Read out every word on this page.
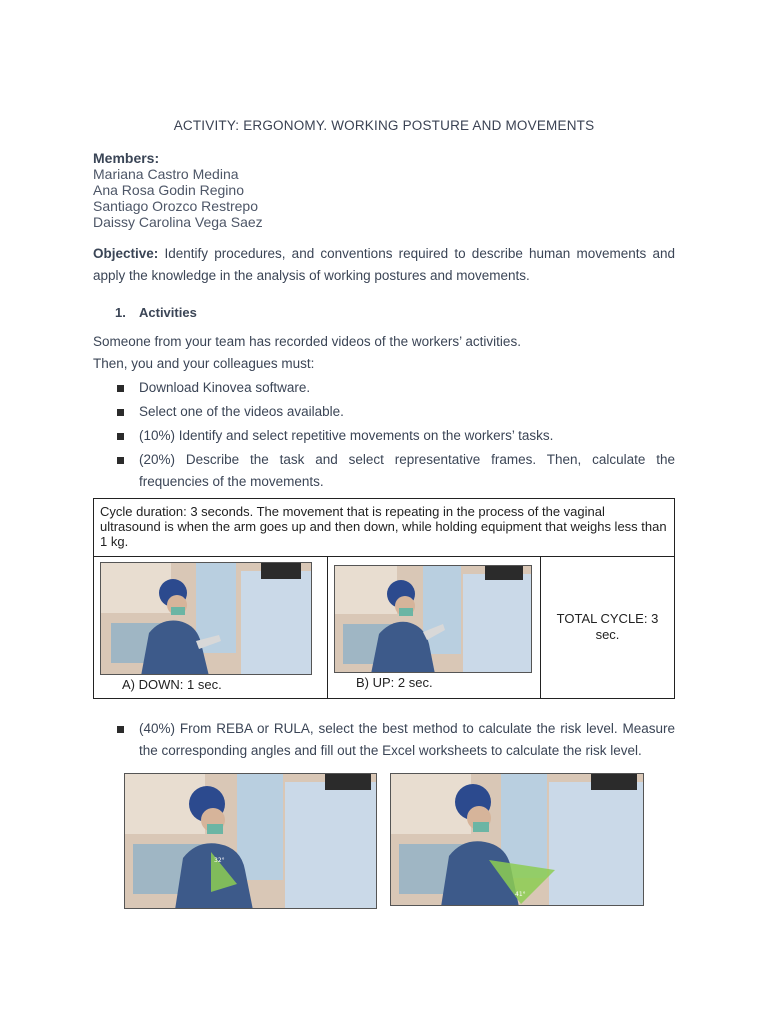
ACTIVITY: ERGONOMY. WORKING POSTURE AND MOVEMENTS
Members:
Mariana Castro Medina
Ana Rosa Godin Regino
Santiago Orozco Restrepo
Daissy Carolina Vega Saez
Objective: Identify procedures, and conventions required to describe human movements and
apply the knowledge in the analysis of working postures and movements.
1. Activities
Someone from your team has recorded videos of the workers’ activities.
Then, you and your colleagues must:
Download Kinovea software.
Select one of the videos available.
(10%) Identify and select repetitive movements on the workers’ tasks.
(20%) Describe the task and select representative frames. Then, calculate the frequencies of the movements.
Cycle duration: 3 seconds. The movement that is repeating in the process of the vaginal ultrasound is when the arm goes up and then down, while holding equipment that weighs less than 1 kg.
A) DOWN: 1 sec.	B) UP: 2 sec.
TOTAL CYCLE: 3
sec.
(40%) From REBA or RULA, select the best method to calculate the risk level. Measure
the corresponding angles and fill out the Excel worksheets to calculate the risk level.
32°
41°
